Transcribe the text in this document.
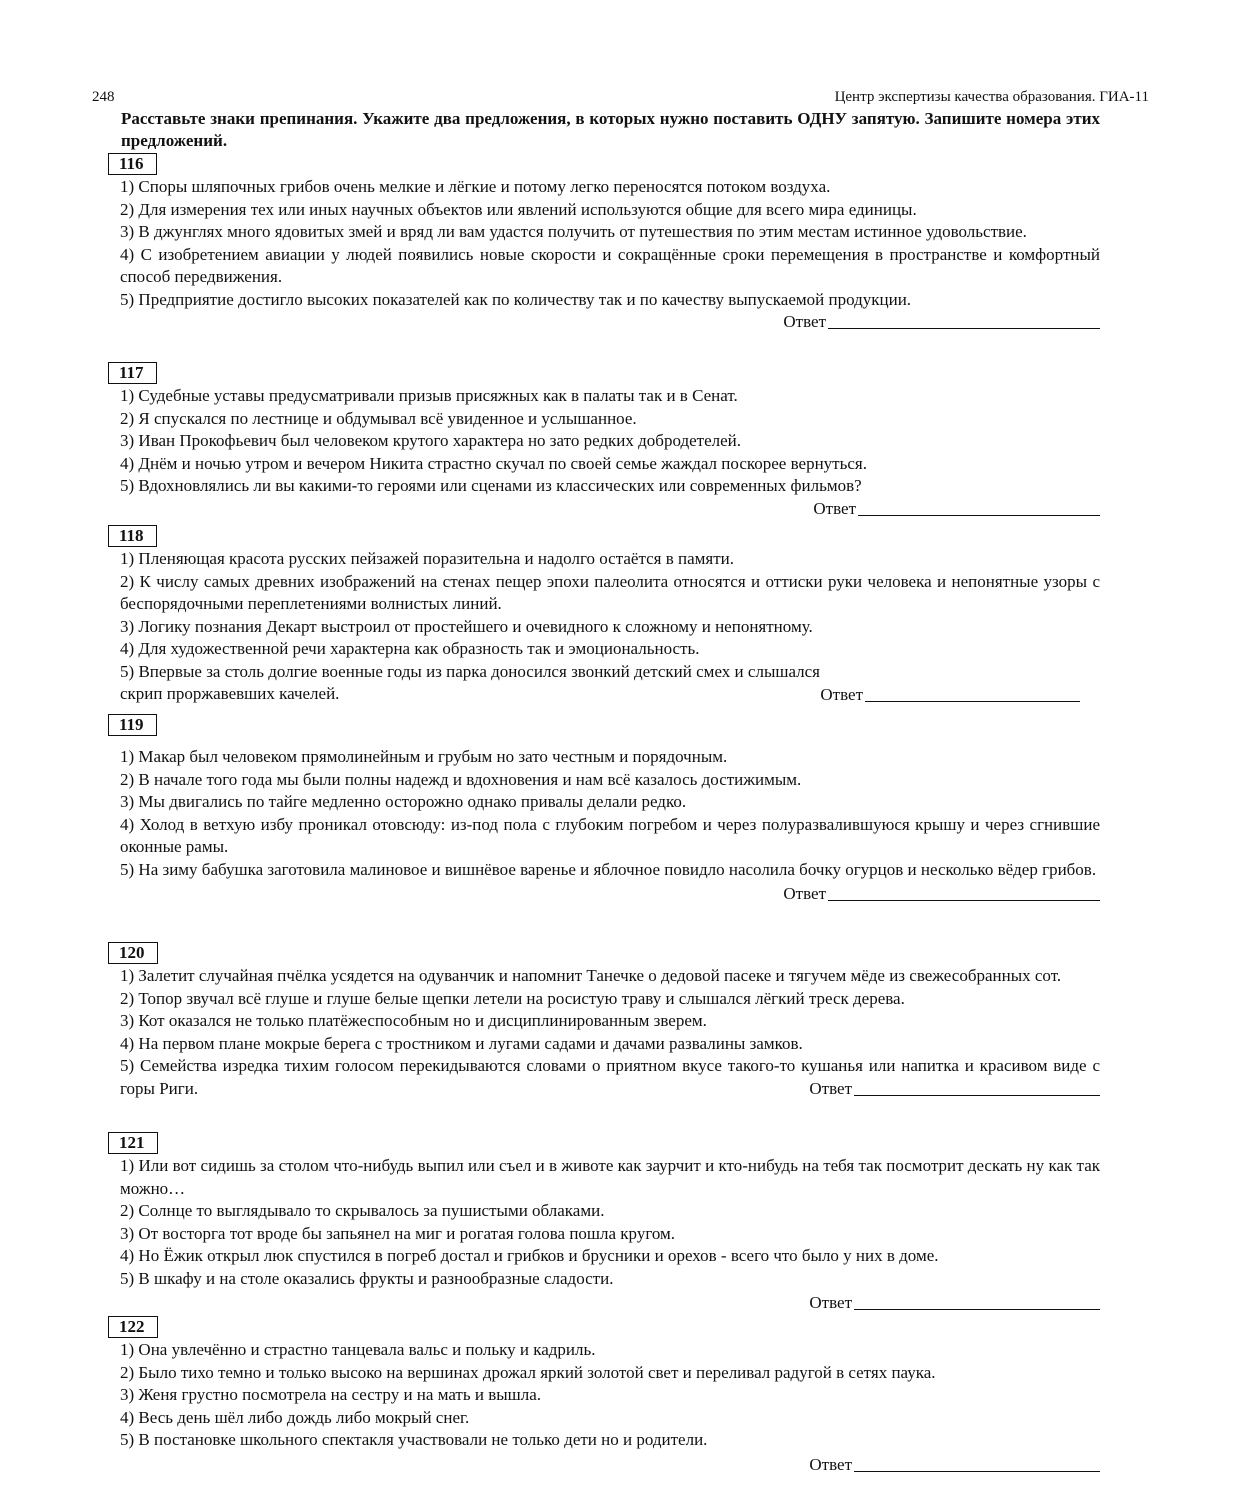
248	Центр экспертизы качества образования. ГИА-11
Расставьте знаки препинания. Укажите два предложения, в которых нужно поставить ОДНУ запятую. Запишите номера этих предложений.
116
1) Споры шляпочных грибов очень мелкие и лёгкие и потому легко переносятся потоком воздуха.
2) Для измерения тех или иных научных объектов или явлений используются общие для всего мира единицы.
3) В джунглях много ядовитых змей и вряд ли вам удастся получить от путешествия по этим местам истинное удовольствие.
4) С изобретением авиации у людей появились новые скорости и сокращённые сроки перемещения в пространстве и комфортный способ передвижения.
5) Предприятие достигло высоких показателей как по количеству так и по качеству выпускаемой продукции.
Ответ
117
1) Судебные уставы предусматривали призыв присяжных как в палаты так и в Сенат.
2) Я спускался по лестнице и обдумывал всё увиденное и услышанное.
3) Иван Прокофьевич был человеком крутого характера но зато редких добродетелей.
4) Днём и ночью утром и вечером Никита страстно скучал по своей семье жаждал поскорее вернуться.
5) Вдохновлялись ли вы какими-то героями или сценами из классических или современных фильмов?
Ответ
118
1) Пленяющая красота русских пейзажей поразительна и надолго остаётся в памяти.
2) К числу самых древних изображений на стенах пещер эпохи палеолита относятся и оттиски руки человека и непонятные узоры с беспорядочными переплетениями волнистых линий.
3) Логику познания Декарт выстроил от простейшего и очевидного к сложному и непонятному.
4) Для художественной речи характерна как образность так и эмоциональность.
5) Впервые за столь долгие военные годы из парка доносился звонкий детский смех и слышался скрип проржавевших качелей.	Ответ
119
1) Макар был человеком прямолинейным и грубым но зато честным и порядочным.
2) В начале того года мы были полны надежд и вдохновения и нам всё казалось достижимым.
3) Мы двигались по тайге медленно осторожно однако привалы делали редко.
4) Холод в ветхую избу проникал отовсюду: из-под пола с глубоким погребом и через полуразвалившуюся крышу и через сгнившие оконные рамы.
5) На зиму бабушка заготовила малиновое и вишнёвое варенье и яблочное повидло насолила бочку огурцов и несколько вёдер грибов.
Ответ
120
1) Залетит случайная пчёлка усядется на одуванчик и напомнит Танечке о дедовой пасеке и тягучем мёде из свежесобранных сот.
2) Топор звучал всё глуше и глуше белые щепки летели на росистую траву и слышался лёгкий треск дерева.
3) Кот оказался не только платёжеспособным но и дисциплинированным зверем.
4) На первом плане мокрые берега с тростником и лугами садами и дачами развалины замков.
5) Семейства изредка тихим голосом перекидываются словами о приятном вкусе такого-то кушанья или напитка и красивом виде с горы Риги.	Ответ
121
1) Или вот сидишь за столом что-нибудь выпил или съел и в животе как заурчит и кто-нибудь на тебя так посмотрит дескать ну как так можно…
2) Солнце то выглядывало то скрывалось за пушистыми облаками.
3) От восторга тот вроде бы запьянел на миг и рогатая голова пошла кругом.
4) Но Ёжик открыл люк спустился в погреб достал и грибков и брусники и орехов - всего что было у них в доме.
5) В шкафу и на столе оказались фрукты и разнообразные сладости.
Ответ
122
1) Она увлечённо и страстно танцевала вальс и польку и кадриль.
2) Было тихо темно и только высоко на вершинах дрожал яркий золотой свет и переливал радугой в сетях паука.
3) Женя грустно посмотрела на сестру и на мать и вышла.
4) Весь день шёл либо дождь либо мокрый снег.
5) В постановке школьного спектакля участвовали не только дети но и родители.
Ответ
